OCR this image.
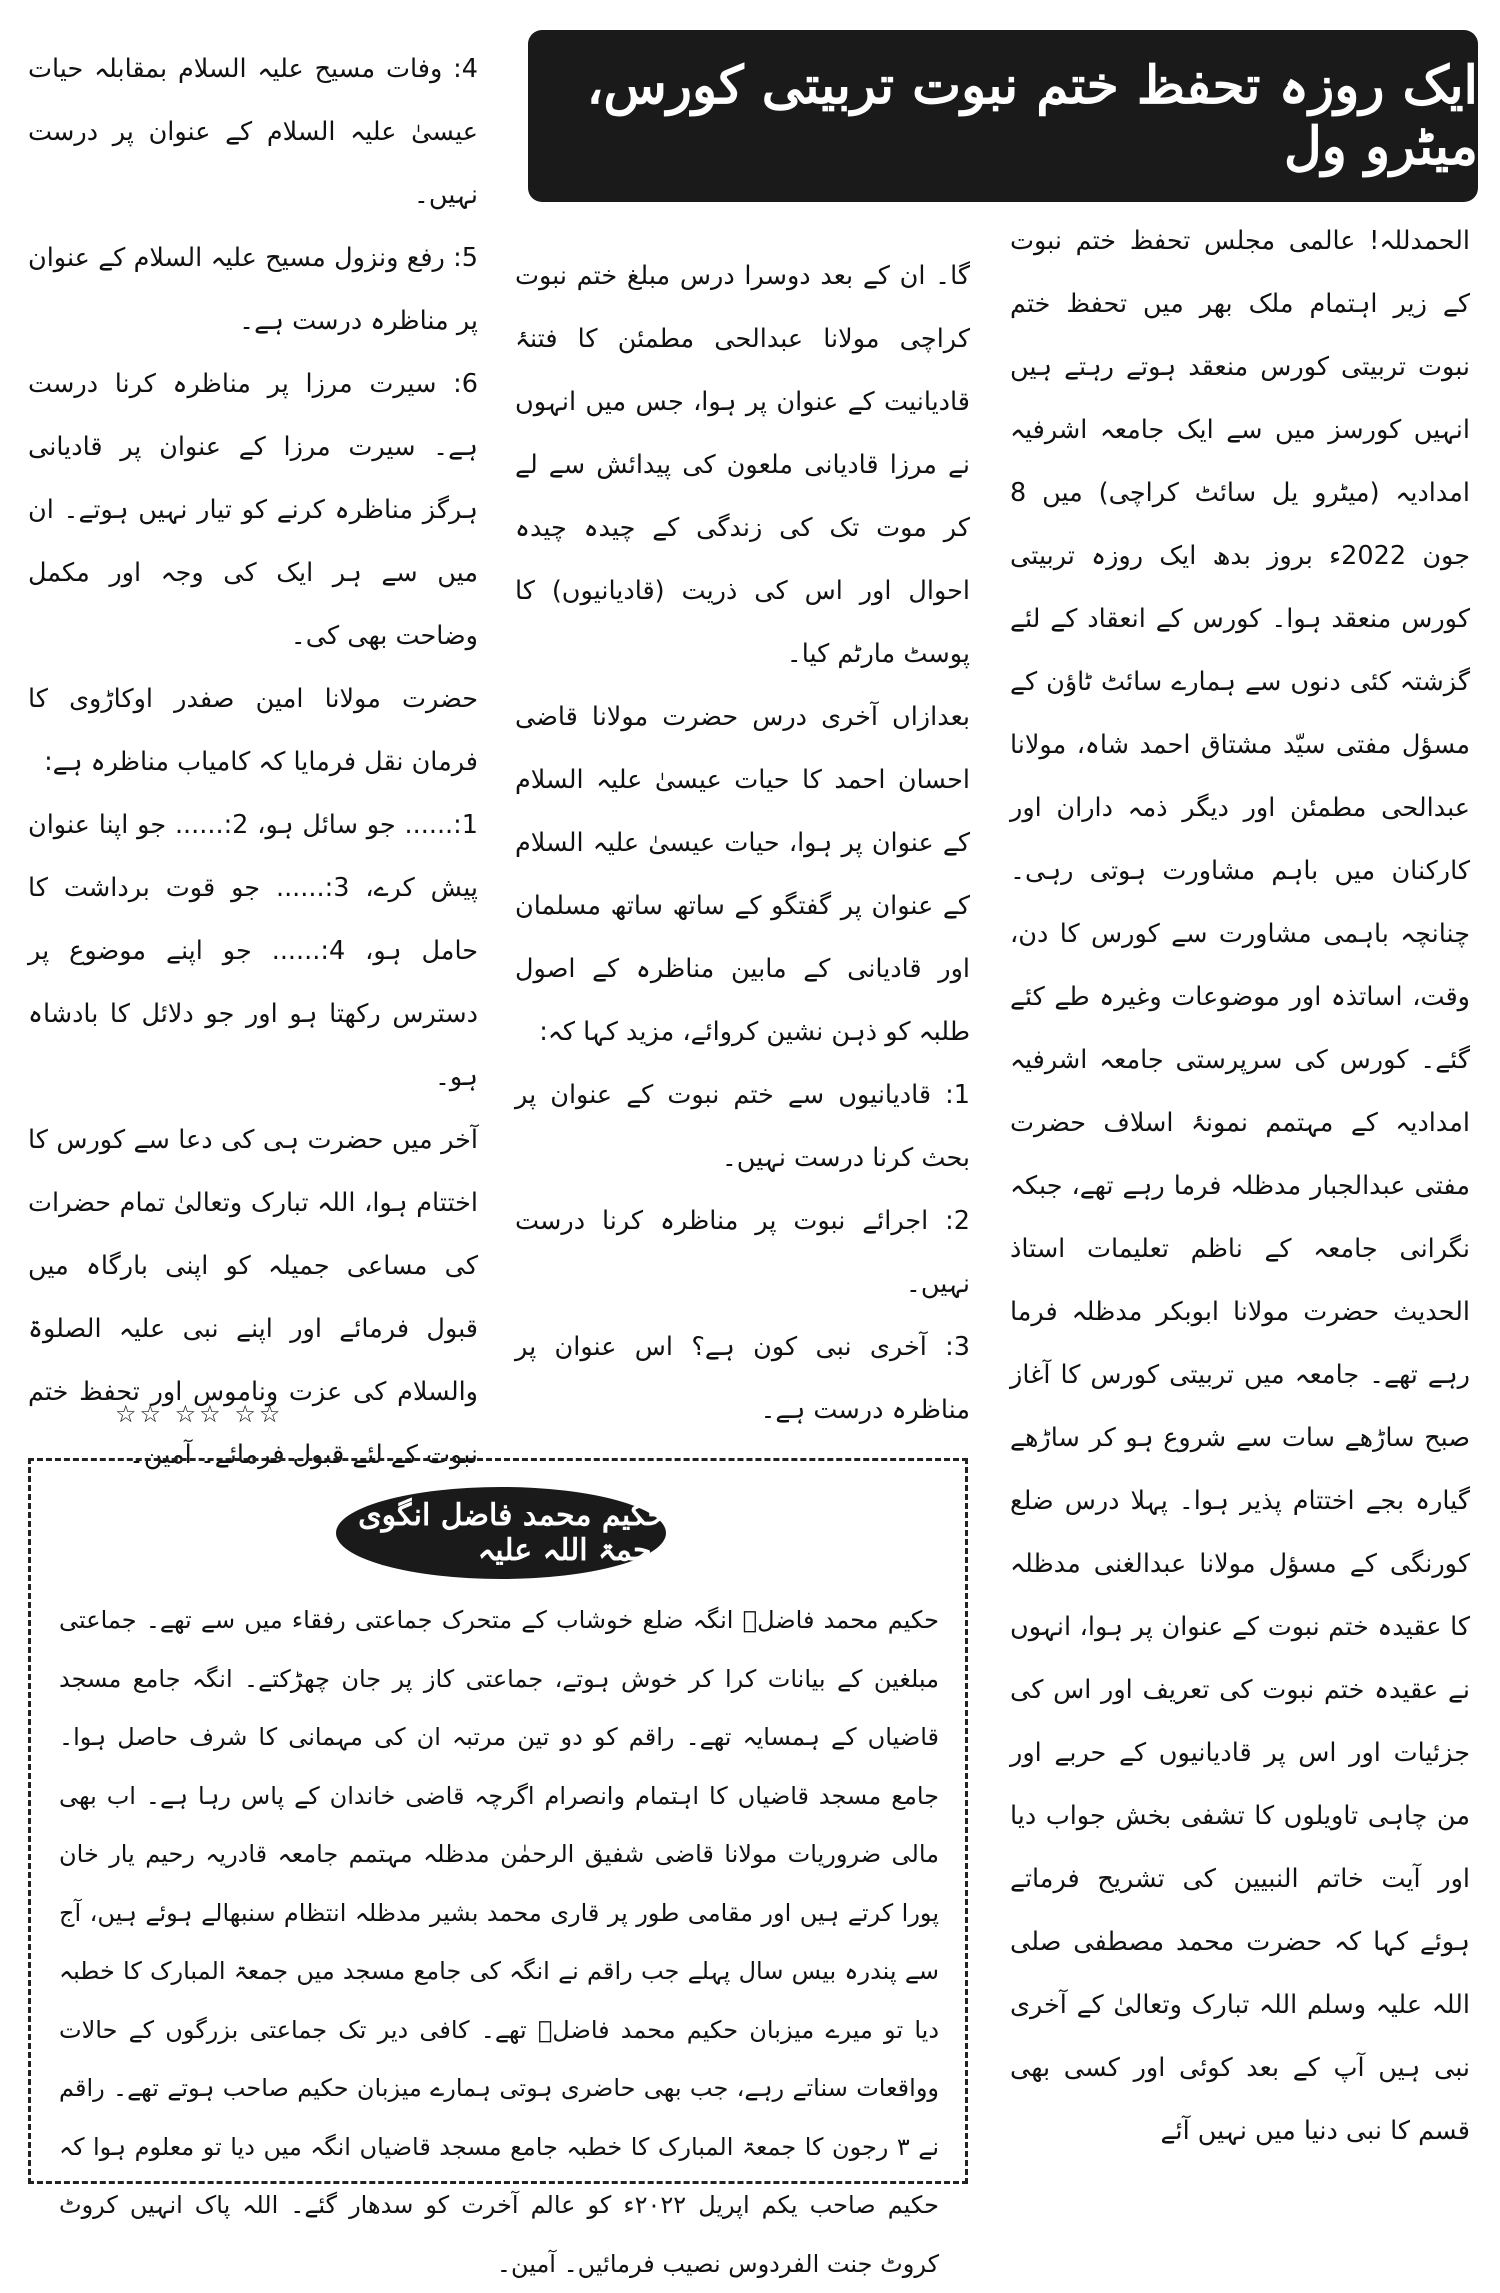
ایک روزہ تحفظ ختم نبوت تربیتی کورس، میٹرو ول

الحمدللہ! عالمی مجلس تحفظ ختم نبوت کے زیر اہتمام ملک بھر میں تحفظ ختم نبوت تربیتی کورس منعقد ہوتے رہتے ہیں انہیں کورسز میں سے ایک جامعہ اشرفیہ امدادیہ (میٹرو یل سائٹ کراچی) میں 8 جون 2022ء بروز بدھ ایک روزہ تربیتی کورس منعقد ہوا۔ کورس کے انعقاد کے لئے گزشتہ کئی دنوں سے ہمارے سائٹ ٹاؤن کے مسؤل مفتی سیّد مشتاق احمد شاہ، مولانا عبدالحی مطمئن اور دیگر ذمہ داران اور کارکنان میں باہم مشاورت ہوتی رہی۔ چنانچہ باہمی مشاورت سے کورس کا دن، وقت، اساتذہ اور موضوعات وغیرہ طے کئے گئے۔ کورس کی سرپرستی جامعہ اشرفیہ امدادیہ کے مہتمم نمونۂ اسلاف حضرت مفتی عبدالجبار مدظلہ فرما رہے تھے، جبکہ نگرانی جامعہ کے ناظم تعلیمات استاذ الحدیث حضرت مولانا ابوبکر مدظلہ فرما رہے تھے۔ جامعہ میں تربیتی کورس کا آغاز صبح ساڑھے سات سے شروع ہو کر ساڑھے گیارہ بجے اختتام پذیر ہوا۔ پہلا درس ضلع کورنگی کے مسؤل مولانا عبدالغنی مدظلہ کا عقیدہ ختم نبوت کے عنوان پر ہوا، انہوں نے عقیدہ ختم نبوت کی تعریف اور اس کی جزئیات اور اس پر قادیانیوں کے حربے اور من چاہی تاویلوں کا تشفی بخش جواب دیا اور آیت خاتم النبیین کی تشریح فرماتے ہوئے کہا کہ حضرت محمد مصطفی صلی اللہ علیہ وسلم اللہ تبارک وتعالیٰ کے آخری نبی ہیں آپ کے بعد کوئی اور کسی بھی قسم کا نبی دنیا میں نہیں آئے

گا۔ ان کے بعد دوسرا درس مبلغ ختم نبوت کراچی مولانا عبدالحی مطمئن کا فتنۂ قادیانیت کے عنوان پر ہوا، جس میں انہوں نے مرزا قادیانی ملعون کی پیدائش سے لے کر موت تک کی زندگی کے چیدہ چیدہ احوال اور اس کی ذریت (قادیانیوں) کا پوسٹ مارٹم کیا۔

بعدازاں آخری درس حضرت مولانا قاضی احسان احمد کا حیات عیسیٰ علیہ السلام کے عنوان پر ہوا، حیات عیسیٰ علیہ السلام کے عنوان پر گفتگو کے ساتھ ساتھ مسلمان اور قادیانی کے مابین مناظرہ کے اصول طلبہ کو ذہن نشین کروائے، مزید کہا کہ:

1: قادیانیوں سے ختم نبوت کے عنوان پر بحث کرنا درست نہیں۔

2: اجرائے نبوت پر مناظرہ کرنا درست نہیں۔

3: آخری نبی کون ہے؟ اس عنوان پر مناظرہ درست ہے۔

4: وفات مسیح علیہ السلام بمقابلہ حیات عیسیٰ علیہ السلام کے عنوان پر درست نہیں۔

5: رفع ونزول مسیح علیہ السلام کے عنوان پر مناظرہ درست ہے۔

6: سیرت مرزا پر مناظرہ کرنا درست ہے۔ سیرت مرزا کے عنوان پر قادیانی ہرگز مناظرہ کرنے کو تیار نہیں ہوتے۔ ان میں سے ہر ایک کی وجہ اور مکمل وضاحت بھی کی۔

حضرت مولانا امین صفدر اوکاڑوی کا فرمان نقل فرمایا کہ کامیاب مناظرہ ہے:

1:...... جو سائل ہو، 2:...... جو اپنا عنوان پیش کرے، 3:...... جو قوت برداشت کا حامل ہو، 4:...... جو اپنے موضوع پر دسترس رکھتا ہو اور جو دلائل کا بادشاہ ہو۔

آخر میں حضرت ہی کی دعا سے کورس کا اختتام ہوا، اللہ تبارک وتعالیٰ تمام حضرات کی مساعی جمیلہ کو اپنی بارگاہ میں قبول فرمائے اور اپنے نبی علیہ الصلوۃ والسلام کی عزت وناموس اور تحفظ ختم نبوت کے لئے قبول فرمائے۔ آمین۔

☆☆ ☆☆ ☆☆
حکیم محمد فاضل انگوی رحمۃ اللہ علیہ
حکیم محمد فاضلؒ انگہ ضلع خوشاب کے متحرک جماعتی رفقاء میں سے تھے۔ جماعتی مبلغین کے بیانات کرا کر خوش ہوتے، جماعتی کاز پر جان چھڑکتے۔ انگہ جامع مسجد قاضیاں کے ہمسایہ تھے۔ راقم کو دو تین مرتبہ ان کی مہمانی کا شرف حاصل ہوا۔ جامع مسجد قاضیاں کا اہتمام وانصرام اگرچہ قاضی خاندان کے پاس رہا ہے۔ اب بھی مالی ضروریات مولانا قاضی شفیق الرحمٰن مدظلہ مہتمم جامعہ قادریہ رحیم یار خان پورا کرتے ہیں اور مقامی طور پر قاری محمد بشیر مدظلہ انتظام سنبھالے ہوئے ہیں، آج سے پندرہ بیس سال پہلے جب راقم نے انگہ کی جامع مسجد میں جمعۃ المبارک کا خطبہ دیا تو میرے میزبان حکیم محمد فاضلؒ تھے۔ کافی دیر تک جماعتی بزرگوں کے حالات وواقعات سناتے رہے، جب بھی حاضری ہوتی ہمارے میزبان حکیم صاحب ہوتے تھے۔ راقم نے ۳ رجون کا جمعۃ المبارک کا خطبہ جامع مسجد قاضیاں انگہ میں دیا تو معلوم ہوا کہ حکیم صاحب یکم اپریل ۲۰۲۲ء کو عالم آخرت کو سدھار گئے۔ اللہ پاک انہیں کروٹ کروٹ جنت الفردوس نصیب فرمائیں۔ آمین۔
